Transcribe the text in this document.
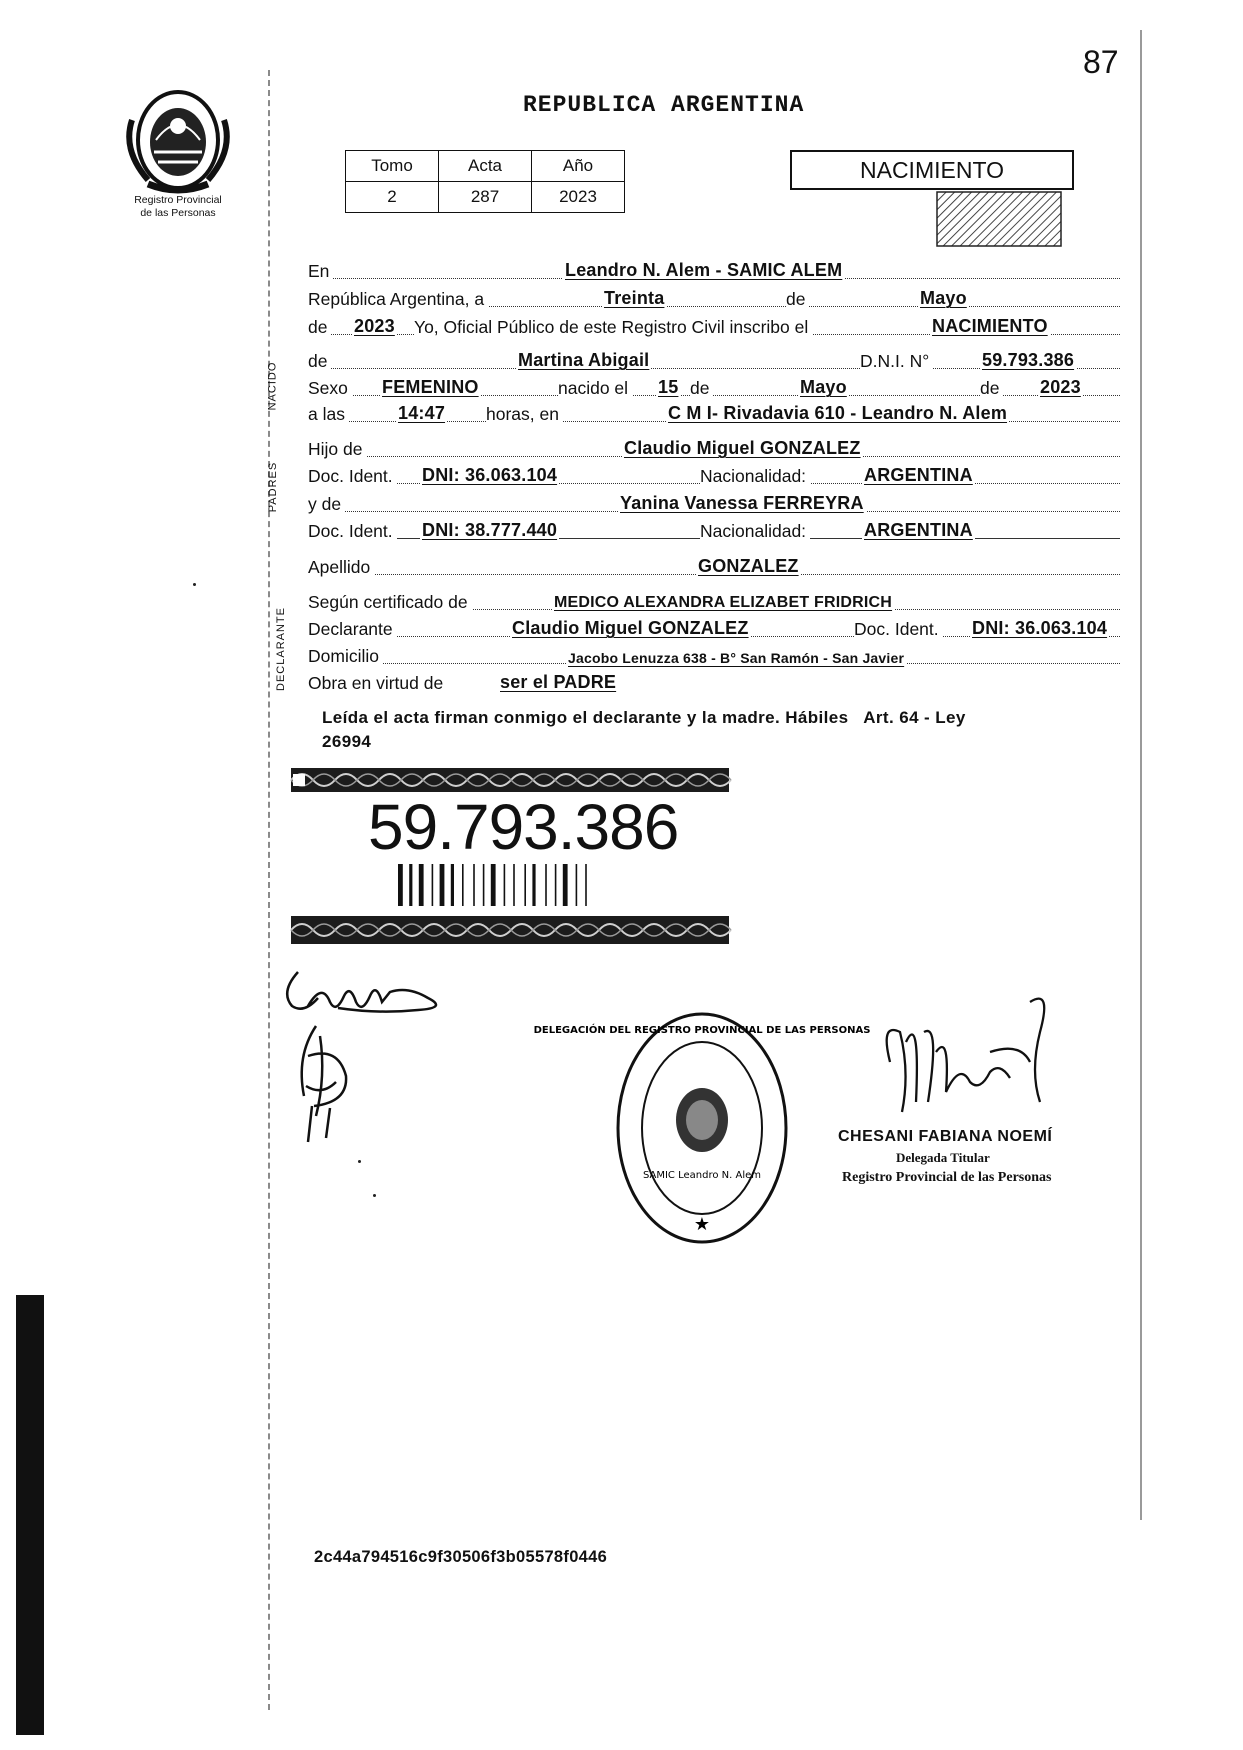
87
Registro Provincial
de las Personas
REPUBLICA ARGENTINA
Tomo	Acta	Año
2	287	2023
NACIMIENTO
NACIDO
PADRES
DECLARANTE
En	Leandro N. Alem - SAMIC ALEM
República Argentina, a	Treinta	de	Mayo
de 2023 Yo, Oficial Público de este Registro Civil inscribo el	NACIMIENTO
de	Martina Abigail	D.N.I. N°	59.793.386
Sexo FEMENINO	nacido el 15 de	Mayo	de 2023
a las	14:47 horas, en	C M I- Rivadavia 610 - Leandro N. Alem
Hijo de	Claudio Miguel GONZALEZ
Doc. Ident. DNI: 36.063.104	Nacionalidad:	ARGENTINA
y de	Yanina Vanessa FERREYRA
Doc. Ident. DNI: 38.777.440	Nacionalidad:	ARGENTINA
Apellido	GONZALEZ
Según certificado de	MEDICO ALEXANDRA ELIZABET FRIDRICH
Declarante	Claudio Miguel GONZALEZ	Doc. Ident. DNI: 36.063.104
Domicilio	Jacobo Lenuzza 638 - B° San Ramón - San Javier
Obra en virtud de	ser el PADRE
Leída el acta firman conmigo el declarante y la madre. Hábiles   Art. 64 - Ley
26994
59.793.386
★
DELEGACIÓN DEL REGISTRO PROVINCIAL DE LAS PERSONAS
SAMIC Leandro N. Alem
CHESANI FABIANA NOEMÍ
Delegada Titular
Registro Provincial de las Personas
2c44a794516c9f30506f3b05578f0446
